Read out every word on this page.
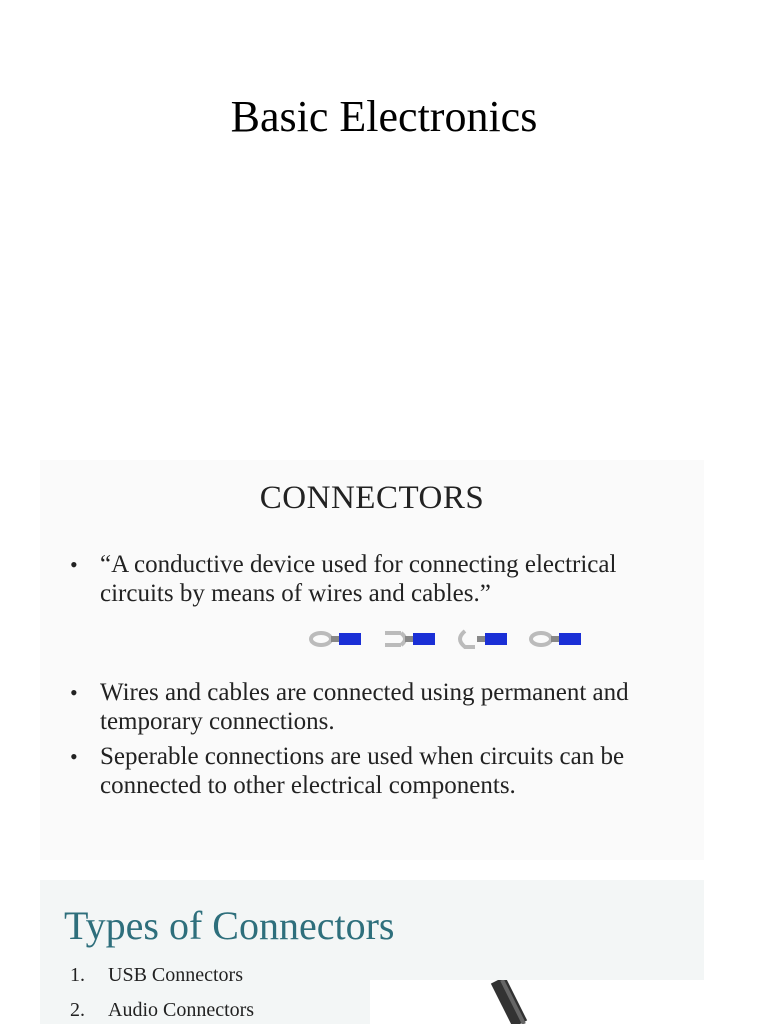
Basic Electronics
CONNECTORS
• “A conductive device used for connecting electrical circuits by means of wires and cables.”
• Wires and cables are connected using permanent and temporary connections.
• Seperable connections are used when circuits can be connected to other electrical components.
Types of Connectors
1. USB Connectors
2. Audio Connectors
